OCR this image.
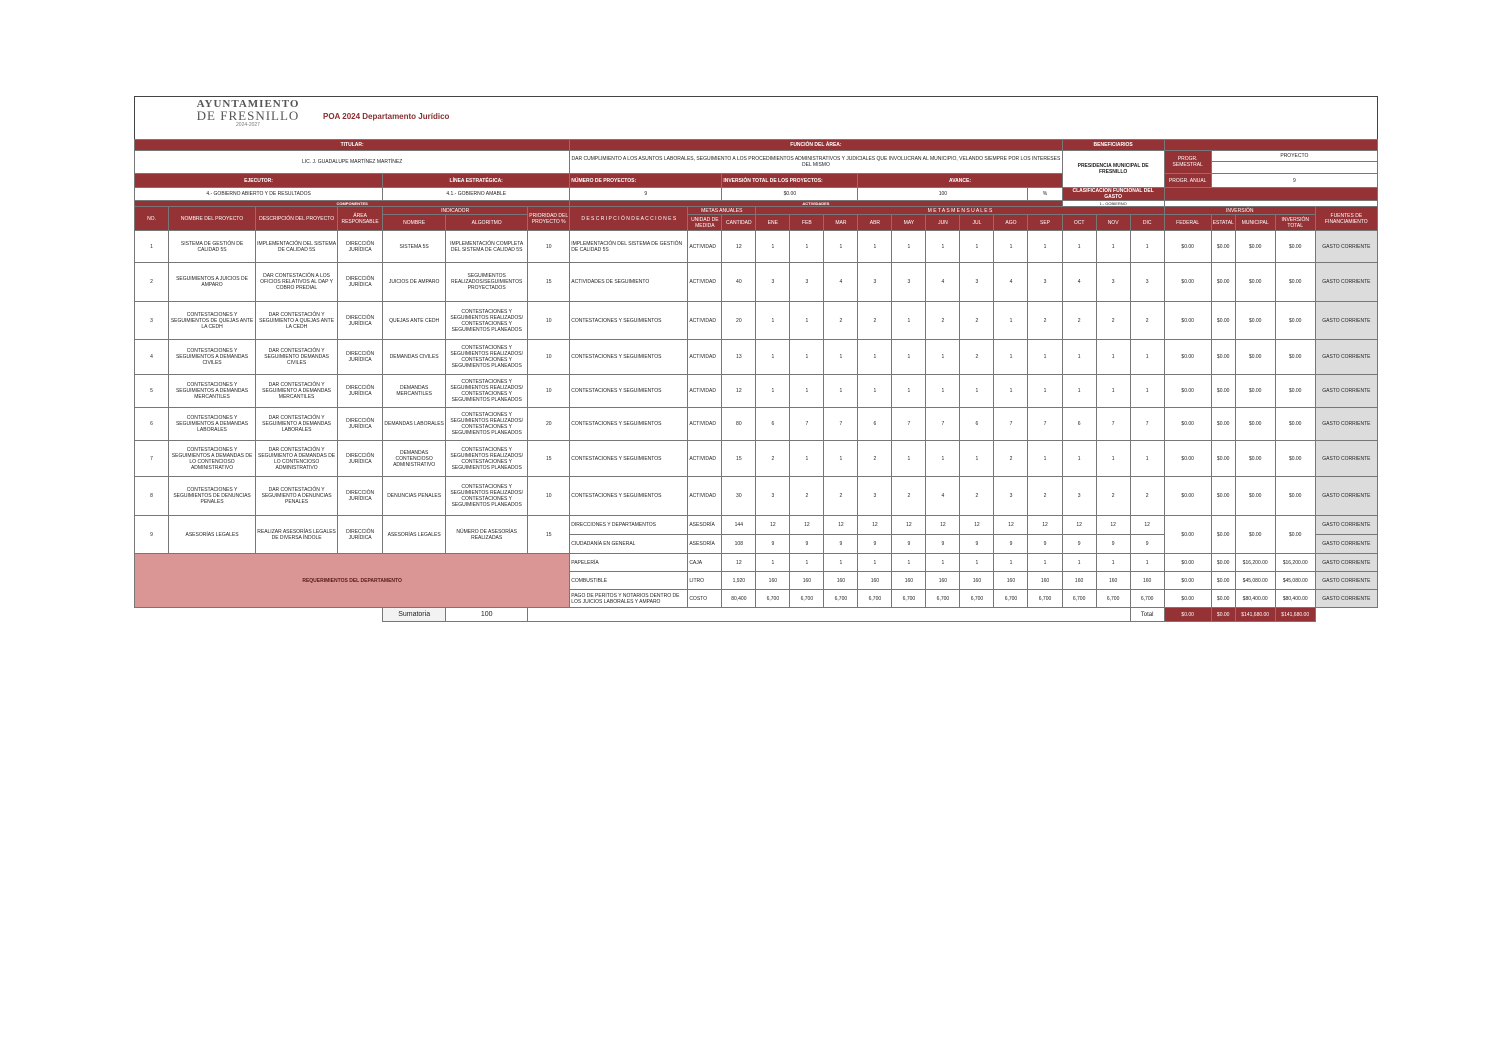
AYUNTAMIENTO
DE FRESNILLO
2024-2027
POA 2024 Departamento Jurídico
TITULAR:							FUNCIÓN DEL ÁREA:												BENEFICIARIOS							
LIC. J. GUADALUPE MARTÍNEZ MARTÍNEZ							DAR CUMPLIMIENTO A LOS ASUNTOS LABORALES, SEGUIMIENTO A LOS PROCEDIMIENTOS ADMINISTRATIVOS Y JUDICIALES QUE INVOLUCRAN AL MUNICIPIO, VELANDO SIEMPRE POR LOS INTERESES DEL MISMO												PRESIDENCIA MUNICIPAL DE FRESNILLO			PROGR. SEMESTRAL	PROYECTO			

EJECUTOR:				LÍNEA ESTRATÉGICA:			NÚMERO DE PROYECTOS:		INVERSIÓN TOTAL DE LOS PROYECTOS:				AVANCE:									PROGR. ANUAL	9			
4.- GOBIERNO ABIERTO Y DE RESULTADOS				4.1.- GOBIERNO AMABLE			9		$0.00				100					%	CLASIFICACIÓN FUNCIONAL DEL GASTO							
COMPONENTES							ACTIVIDADES												1.- GOBIERNO							
NO.	NOMBRE DEL PROYECTO	DESCRIPCIÓN DEL PROYECTO	ÁREA RESPONSABLE	INDICADOR		PRIORIDAD DEL PROYECTO %	D E S C R I P C I Ó N D E A C C I O N E S	METAS ANUALES		M E T A S M E N S U A L E S												INVERSIÓN				FUENTES DE FINANCIAMIENTO
				NOMBRE	ALGORITMO			UNIDAD DE MEDIDA	CANTIDAD	ENE	FEB	MAR	ABR	MAY	JUN	JUL	AGO	SEP	OCT	NOV	DIC	FEDERAL	ESTATAL	MUNICIPAL	INVERSIÓN TOTAL	
1	SISTEMA DE GESTIÓN DE CALIDAD 5S	IMPLEMENTACIÓN DEL SISTEMA DE CALIDAD 5S	DIRECCIÓN JURÍDICA	SISTEMA 5S	IMPLEMENTACIÓN COMPLETA DEL SISTEMA DE CALIDAD 5S	10	IMPLEMENTACIÓN DEL SISTEMA DE GESTIÓN DE CALIDAD 5S	ACTIVIDAD	12	1	1	1	1	1	1	1	1	1	1	1	1	$0.00	$0.00	$0.00	$0.00	GASTO CORRIENTE
2	SEGUIMIENTOS A JUICIOS DE AMPARO	DAR CONTESTACIÓN A LOS OFICIOS RELATIVOS AL DAP Y COBRO PREDIAL	DIRECCIÓN JURÍDICA	JUICIOS DE AMPARO	SEGUIMIENTOS REALIZADOS/SEGUIMIENTOS PROYECTADOS	15	ACTIVIDADES DE SEGUIMIENTO	ACTIVIDAD	40	3	3	4	3	3	4	3	4	3	4	3	3	$0.00	$0.00	$0.00	$0.00	GASTO CORRIENTE
3	CONTESTACIONES Y SEGUIMIENTOS DE QUEJAS ANTE LA CEDH	DAR CONTESTACIÓN Y SEGUIMIENTO A QUEJAS ANTE LA CEDH	DIRECCIÓN JURÍDICA	QUEJAS ANTE CEDH	CONTESTACIONES Y SEGUIMIENTOS REALIZADOS/ CONTESTACIONES Y SEGUIMIENTOS PLANEADOS	10	CONTESTACIONES Y SEGUIMIENTOS	ACTIVIDAD	20	1	1	2	2	1	2	2	1	2	2	2	2	$0.00	$0.00	$0.00	$0.00	GASTO CORRIENTE
4	CONTESTACIONES Y SEGUIMIENTOS A DEMANDAS CIVILES	DAR CONTESTACIÓN Y SEGUIMIENTO DEMANDAS CIVILES	DIRECCIÓN JURÍDICA	DEMANDAS CIVILES	CONTESTACIONES Y SEGUIMIENTOS REALIZADOS/ CONTESTACIONES Y SEGUIMIENTOS PLANEADOS	10	CONTESTACIONES Y SEGUIMIENTOS	ACTIVIDAD	13	1	1	1	1	1	1	2	1	1	1	1	1	$0.00	$0.00	$0.00	$0.00	GASTO CORRIENTE
5	CONTESTACIONES Y SEGUIMIENTOS A DEMANDAS MERCANTILES	DAR CONTESTACIÓN Y SEGUIMIENTO A DEMANDAS MERCANTILES	DIRECCIÓN JURÍDICA	DEMANDAS MERCANTILES	CONTESTACIONES Y SEGUIMIENTOS REALIZADOS/ CONTESTACIONES Y SEGUIMIENTOS PLANEADOS	10	CONTESTACIONES Y SEGUIMIENTOS	ACTIVIDAD	12	1	1	1	1	1	1	1	1	1	1	1	1	$0.00	$0.00	$0.00	$0.00	GASTO CORRIENTE
6	CONTESTACIONES Y SEGUIMIENTOS A DEMANDAS LABORALES	DAR CONTESTACIÓN Y SEGUIMIENTO A DEMANDAS LABORALES	DIRECCIÓN JURÍDICA	DEMANDAS LABORALES	CONTESTACIONES Y SEGUIMIENTOS REALIZADOS/ CONTESTACIONES Y SEGUIMIENTOS PLANEADOS	20	CONTESTACIONES Y SEGUIMIENTOS	ACTIVIDAD	80	6	7	7	6	7	7	6	7	7	6	7	7	$0.00	$0.00	$0.00	$0.00	GASTO CORRIENTE
7	CONTESTACIONES Y SEGUIMIENTOS A DEMANDAS DE LO CONTENCIOSO ADMINISTRATIVO	DAR CONTESTACIÓN Y SEGUIMIENTO A DEMANDAS DE LO CONTENCIOSO ADMINISTRATIVO	DIRECCIÓN JURÍDICA	DEMANDAS CONTENCIOSO ADMINISTRATIVO	CONTESTACIONES Y SEGUIMIENTOS REALIZADOS/ CONTESTACIONES Y SEGUIMIENTOS PLANEADOS	15	CONTESTACIONES Y SEGUIMIENTOS	ACTIVIDAD	15	2	1	1	2	1	1	1	2	1	1	1	1	$0.00	$0.00	$0.00	$0.00	GASTO CORRIENTE
8	CONTESTACIONES Y SEGUIMIENTOS DE DENUNCIAS PENALES	DAR CONTESTACIÓN Y SEGUIMIENTO A DENUNCIAS PENALES	DIRECCIÓN JURÍDICA	DENUNCIAS PENALES	CONTESTACIONES Y SEGUIMIENTOS REALIZADOS/ CONTESTACIONES Y SEGUIMIENTOS PLANEADOS	10	CONTESTACIONES Y SEGUIMIENTOS	ACTIVIDAD	30	3	2	2	3	2	4	2	3	2	3	2	2	$0.00	$0.00	$0.00	$0.00	GASTO CORRIENTE
9	ASESORÍAS LEGALES	REALIZAR ASESORÍAS LEGALES DE DIVERSA ÍNDOLE	DIRECCIÓN JURÍDICA	ASESORÍAS LEGALES	NÚMERO DE ASESORÍAS REALIZADAS	15	DIRECCIONES Y DEPARTAMENTOS	ASESORÍA	144	12	12	12	12	12	12	12	12	12	12	12	12	$0.00	$0.00	$0.00	$0.00	GASTO CORRIENTE
							CIUDADANÍA EN GENERAL	ASESORÍA	108	9	9	9	9	9	9	9	9	9	9	9	9					GASTO CORRIENTE
REQUERIMIENTOS DEL DEPARTAMENTO							PAPELERÍA	CAJA	12	1	1	1	1	1	1	1	1	1	1	1	1	$0.00	$0.00	$16,200.00	$16,200.00	GASTO CORRIENTE
							COMBUSTIBLE	LITRO	1,920	160	160	160	160	160	160	160	160	160	160	160	160	$0.00	$0.00	$45,080.00	$45,080.00	GASTO CORRIENTE
							PAGO DE PERITOS Y NOTARIOS DENTRO DE LOS JUICIOS LABORALES Y AMPARO	COSTO	80,400	6,700	6,700	6,700	6,700	6,700	6,700	6,700	6,700	6,700	6,700	6,700	6,700	$0.00	$0.00	$80,400.00	$80,400.00	GASTO CORRIENTE
				Sumatoria	100																Total	$0.00	$0.00	$141,680.00	$141,680.00	
